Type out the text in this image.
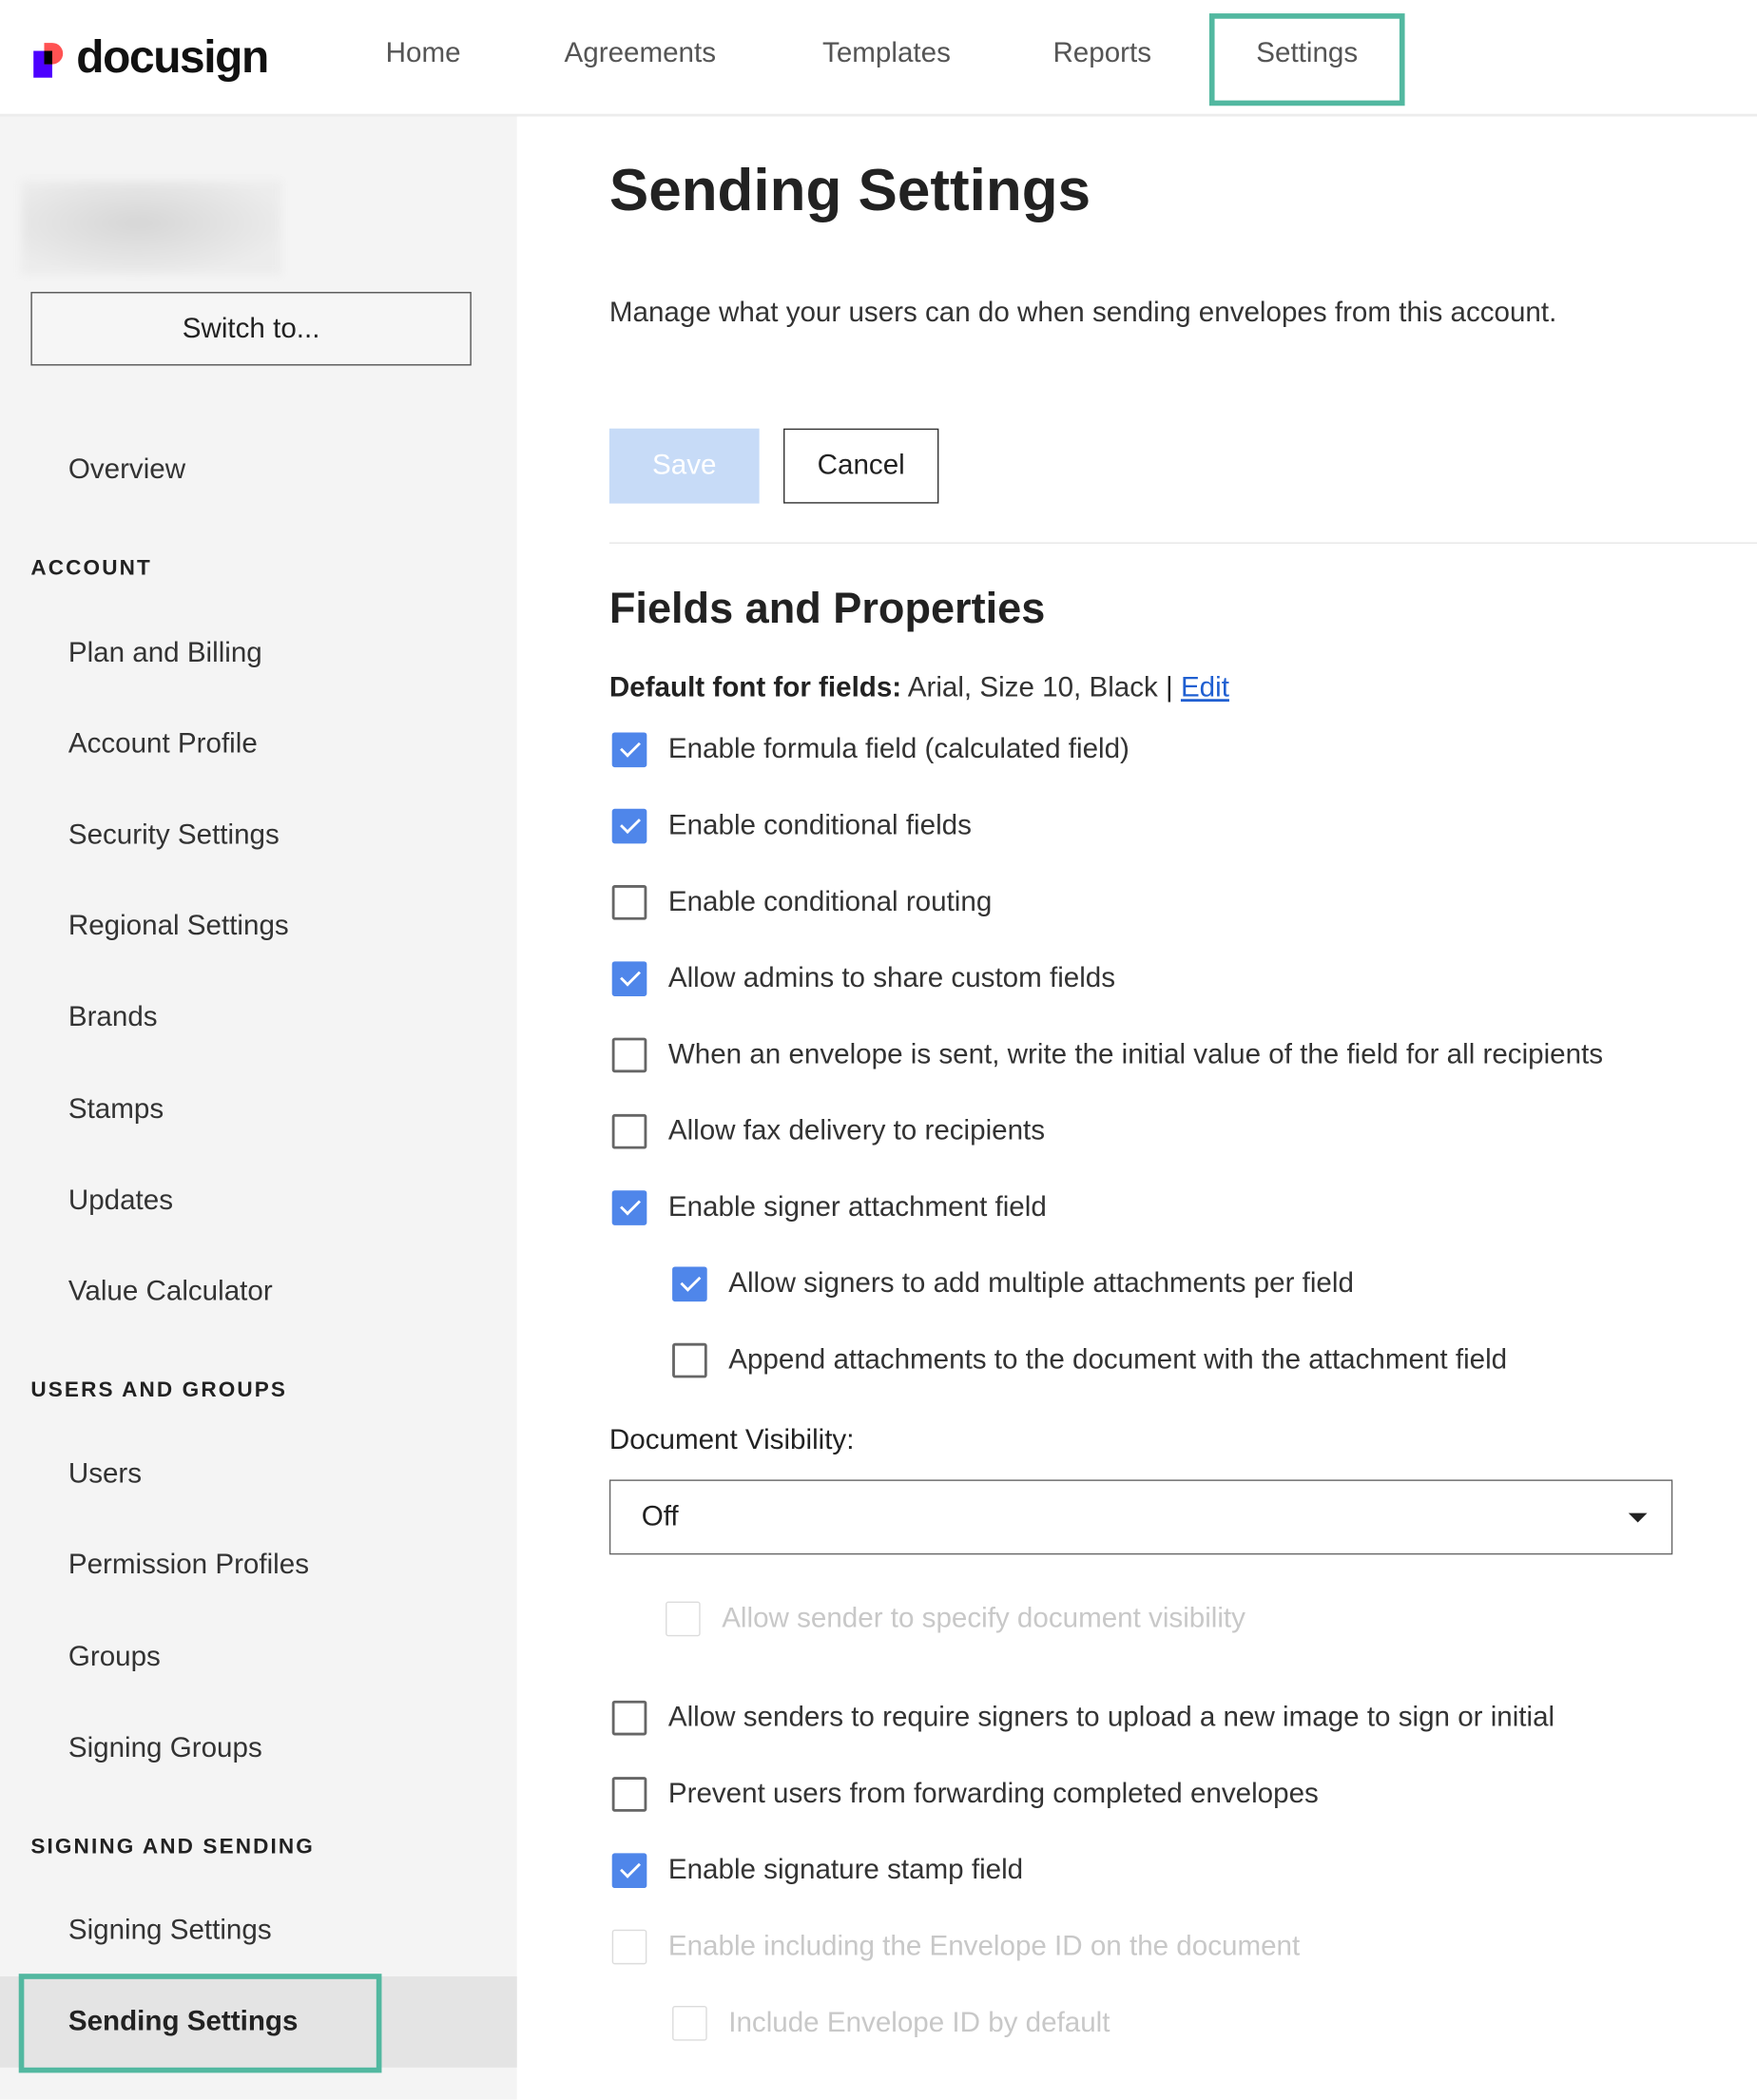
docusign	Home	Agreements	Templates	Reports	Settings
Switch to...
Overview
ACCOUNT
Plan and Billing
Account Profile
Security Settings
Regional Settings
Brands
Stamps
Updates
Value Calculator
USERS AND GROUPS
Users
Permission Profiles
Groups
Signing Groups
SIGNING AND SENDING
Signing Settings
Sending Settings
Sending Settings
Manage what your users can do when sending envelopes from this account.
Save	Cancel
Fields and Properties
Default font for fields: Arial, Size 10, Black | Edit
Document Visibility:
Off
Enable formula field (calculated field)
Enable conditional fields
Enable conditional routing
Allow admins to share custom fields
When an envelope is sent, write the initial value of the field for all recipients
Allow fax delivery to recipients
Enable signer attachment field
Allow signers to add multiple attachments per field
Append attachments to the document with the attachment field
Allow sender to specify document visibility
Allow senders to require signers to upload a new image to sign or initial
Prevent users from forwarding completed envelopes
Enable signature stamp field
Enable including the Envelope ID on the document
Include Envelope ID by default
